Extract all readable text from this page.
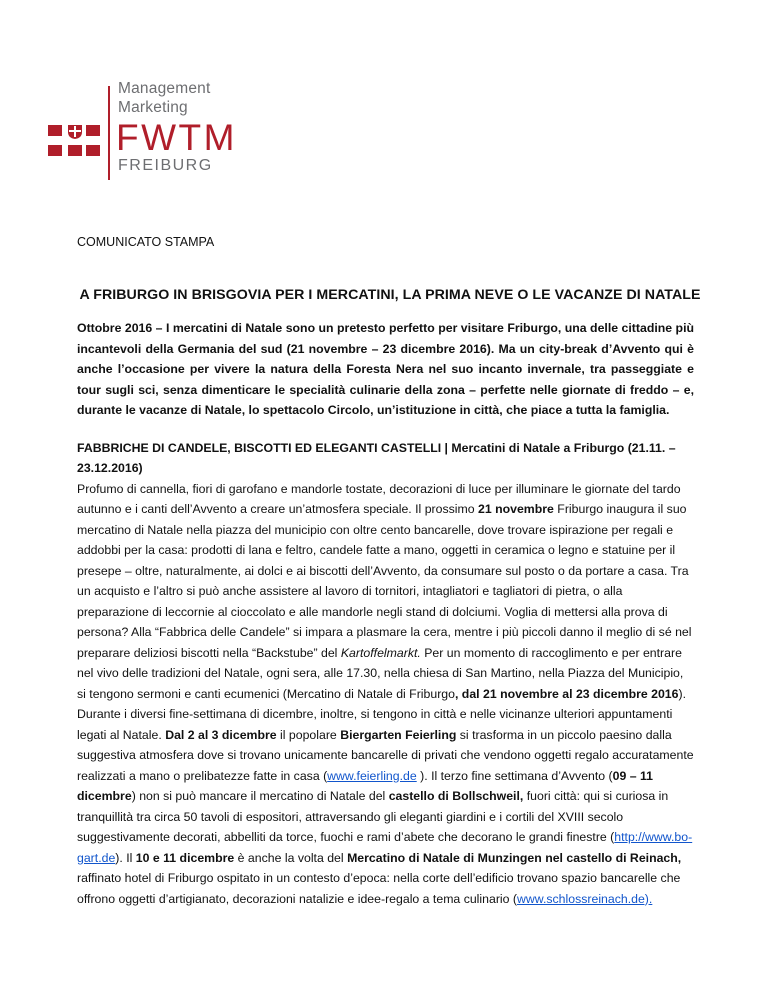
Management
Marketing
FWTM
FREIBURG
COMUNICATO STAMPA
A FRIBURGO IN BRISGOVIA PER I MERCATINI, LA PRIMA NEVE O LE VACANZE DI NATALE

Ottobre 2016 – I mercatini di Natale sono un pretesto perfetto per visitare Friburgo, una delle cittadine più incantevoli della Germania del sud (21 novembre – 23 dicembre 2016). Ma un city-break d’Avvento qui è anche l’occasione per vivere la natura della Foresta Nera nel suo incanto invernale, tra passeggiate e tour sugli sci, senza dimenticare le specialità culinarie della zona – perfette nelle giornate di freddo – e, durante le vacanze di Natale, lo spettacolo Circolo, un’istituzione in città, che piace a tutta la famiglia.

FABBRICHE DI CANDELE, BISCOTTI ED ELEGANTI CASTELLI | Mercatini di Natale a Friburgo (21.11. – 23.12.2016)

Profumo di cannella, fiori di garofano e mandorle tostate, decorazioni di luce per illuminare le giornate del tardo autunno e i canti dell’Avvento a creare un’atmosfera speciale. Il prossimo 21 novembre Friburgo inaugura il suo mercatino di Natale nella piazza del municipio con oltre cento bancarelle, dove trovare ispirazione per regali e addobbi per la casa: prodotti di lana e feltro, candele fatte a mano, oggetti in ceramica o legno e statuine per il presepe – oltre, naturalmente, ai dolci e ai biscotti dell’Avvento, da consumare sul posto o da portare a casa. Tra un acquisto e l’altro si può anche assistere al lavoro di tornitori, intagliatori e tagliatori di pietra, o alla preparazione di leccornie al cioccolato e alle mandorle negli stand di dolciumi. Voglia di mettersi alla prova di persona? Alla “Fabbrica delle Candele” si impara a plasmare la cera, mentre i più piccoli danno il meglio di sé nel preparare deliziosi biscotti nella “Backstube” del Kartoffelmarkt. Per un momento di raccoglimento e per entrare nel vivo delle tradizioni del Natale, ogni sera, alle 17.30, nella chiesa di San Martino, nella Piazza del Municipio, si tengono sermoni e canti ecumenici (Mercatino di Natale di Friburgo, dal 21 novembre al 23 dicembre 2016). Durante i diversi fine-settimana di dicembre, inoltre, si tengono in città e nelle vicinanze ulteriori appuntamenti legati al Natale. Dal 2 al 3 dicembre il popolare Biergarten Feierling si trasforma in un piccolo paesino dalla suggestiva atmosfera dove si trovano unicamente bancarelle di privati che vendono oggetti regalo accuratamente realizzati a mano o prelibatezze fatte in casa (www.feierling.de ). Il terzo fine settimana d’Avvento (09 – 11 dicembre) non si può mancare il mercatino di Natale del castello di Bollschweil, fuori città: qui si curiosa in tranquillità tra circa 50 tavoli di espositori, attraversando gli eleganti giardini e i cortili del XVIII secolo suggestivamente decorati, abbelliti da torce, fuochi e rami d’abete che decorano le grandi finestre (http://www.bo-gart.de). Il 10 e 11 dicembre è anche la volta del Mercatino di Natale di Munzingen nel castello di Reinach, raffinato hotel di Friburgo ospitato in un contesto d’epoca: nella corte dell’edificio trovano spazio bancarelle che offrono oggetti d’artigianato, decorazioni natalizie e idee-regalo a tema culinario (www.schlossreinach.de).
